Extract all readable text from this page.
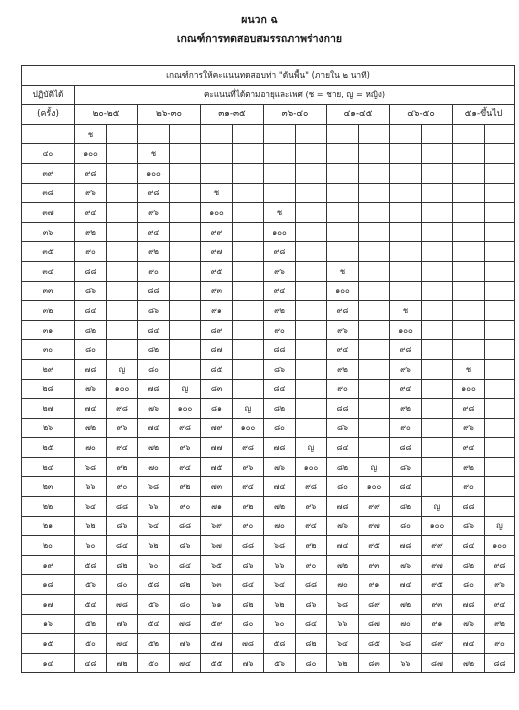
ผนวก ฉ
เกณฑ์การทดสอบสมรรถภาพร่างกาย
เกณฑ์การให้คะแนนทดสอบท่า "ดันพื้น" (ภายใน ๒ นาที)														
ปฏิบัติได้	คะแนนที่ได้ตามอายุและเพศ (ช = ชาย, ญ = หญิง)													
(ครั้ง)	๒๐-๒๕		๒๖-๓๐		๓๑-๓๕		๓๖-๔๐		๔๑-๔๕		๔๖-๕๐		๕๑-ขึ้นไป	
	ช													
๔๐	๑๐๐		ช											
๓๙	๙๘		๑๐๐											
๓๘	๙๖		๙๘		ช									
๓๗	๙๔		๙๖		๑๐๐		ช							
๓๖	๙๒		๙๔		๙๙		๑๐๐							
๓๕	๙๐		๙๒		๙๗		๙๘							
๓๔	๘๘		๙๐		๙๕		๙๖		ช					
๓๓	๘๖		๘๘		๙๓		๙๔		๑๐๐					
๓๒	๘๔		๘๖		๙๑		๙๒		๙๘		ช			
๓๑	๘๒		๘๔		๘๙		๙๐		๙๖		๑๐๐			
๓๐	๘๐		๘๒		๘๗		๘๘		๙๔		๙๘			
๒๙	๗๘	ญ	๘๐		๘๕		๘๖		๙๒		๙๖		ช	
๒๘	๗๖	๑๐๐	๗๘	ญ	๘๓		๘๔		๙๐		๙๔		๑๐๐	
๒๗	๗๔	๙๘	๗๖	๑๐๐	๘๑	ญ	๘๒		๘๘		๙๒		๙๘	
๒๖	๗๒	๙๖	๗๔	๙๘	๗๙	๑๐๐	๘๐		๘๖		๙๐		๙๖	
๒๕	๗๐	๙๔	๗๒	๙๖	๗๗	๙๘	๗๘	ญ	๘๔		๘๘		๙๔	
๒๔	๖๘	๙๒	๗๐	๙๔	๗๕	๙๖	๗๖	๑๐๐	๘๒	ญ	๘๖		๙๒	
๒๓	๖๖	๙๐	๖๘	๙๒	๗๓	๙๔	๗๔	๙๘	๘๐	๑๐๐	๘๔		๙๐	
๒๒	๖๔	๘๘	๖๖	๙๐	๗๑	๙๒	๗๒	๙๖	๗๘	๙๙	๘๒	ญ	๘๘	
๒๑	๖๒	๘๖	๖๔	๘๘	๖๙	๙๐	๗๐	๙๔	๗๖	๙๗	๘๐	๑๐๐	๘๖	ญ
๒๐	๖๐	๘๔	๖๒	๘๖	๖๗	๘๘	๖๘	๙๒	๗๔	๙๕	๗๘	๙๙	๘๔	๑๐๐
๑๙	๕๘	๘๒	๖๐	๘๔	๖๕	๘๖	๖๖	๙๐	๗๒	๙๓	๗๖	๙๗	๘๒	๙๘
๑๘	๕๖	๘๐	๕๘	๘๒	๖๓	๘๔	๖๔	๘๘	๗๐	๙๑	๗๔	๙๕	๘๐	๙๖
๑๗	๕๔	๗๘	๕๖	๘๐	๖๑	๘๒	๖๒	๘๖	๖๘	๘๙	๗๒	๙๓	๗๘	๙๔
๑๖	๕๒	๗๖	๕๔	๗๘	๕๙	๘๐	๖๐	๘๔	๖๖	๘๗	๗๐	๙๑	๗๖	๙๒
๑๕	๕๐	๗๔	๕๒	๗๖	๕๗	๗๘	๕๘	๘๒	๖๔	๘๕	๖๘	๘๙	๗๔	๙๐
๑๔	๔๘	๗๒	๕๐	๗๔	๕๕	๗๖	๕๖	๘๐	๖๒	๘๓	๖๖	๘๗	๗๒	๘๘
